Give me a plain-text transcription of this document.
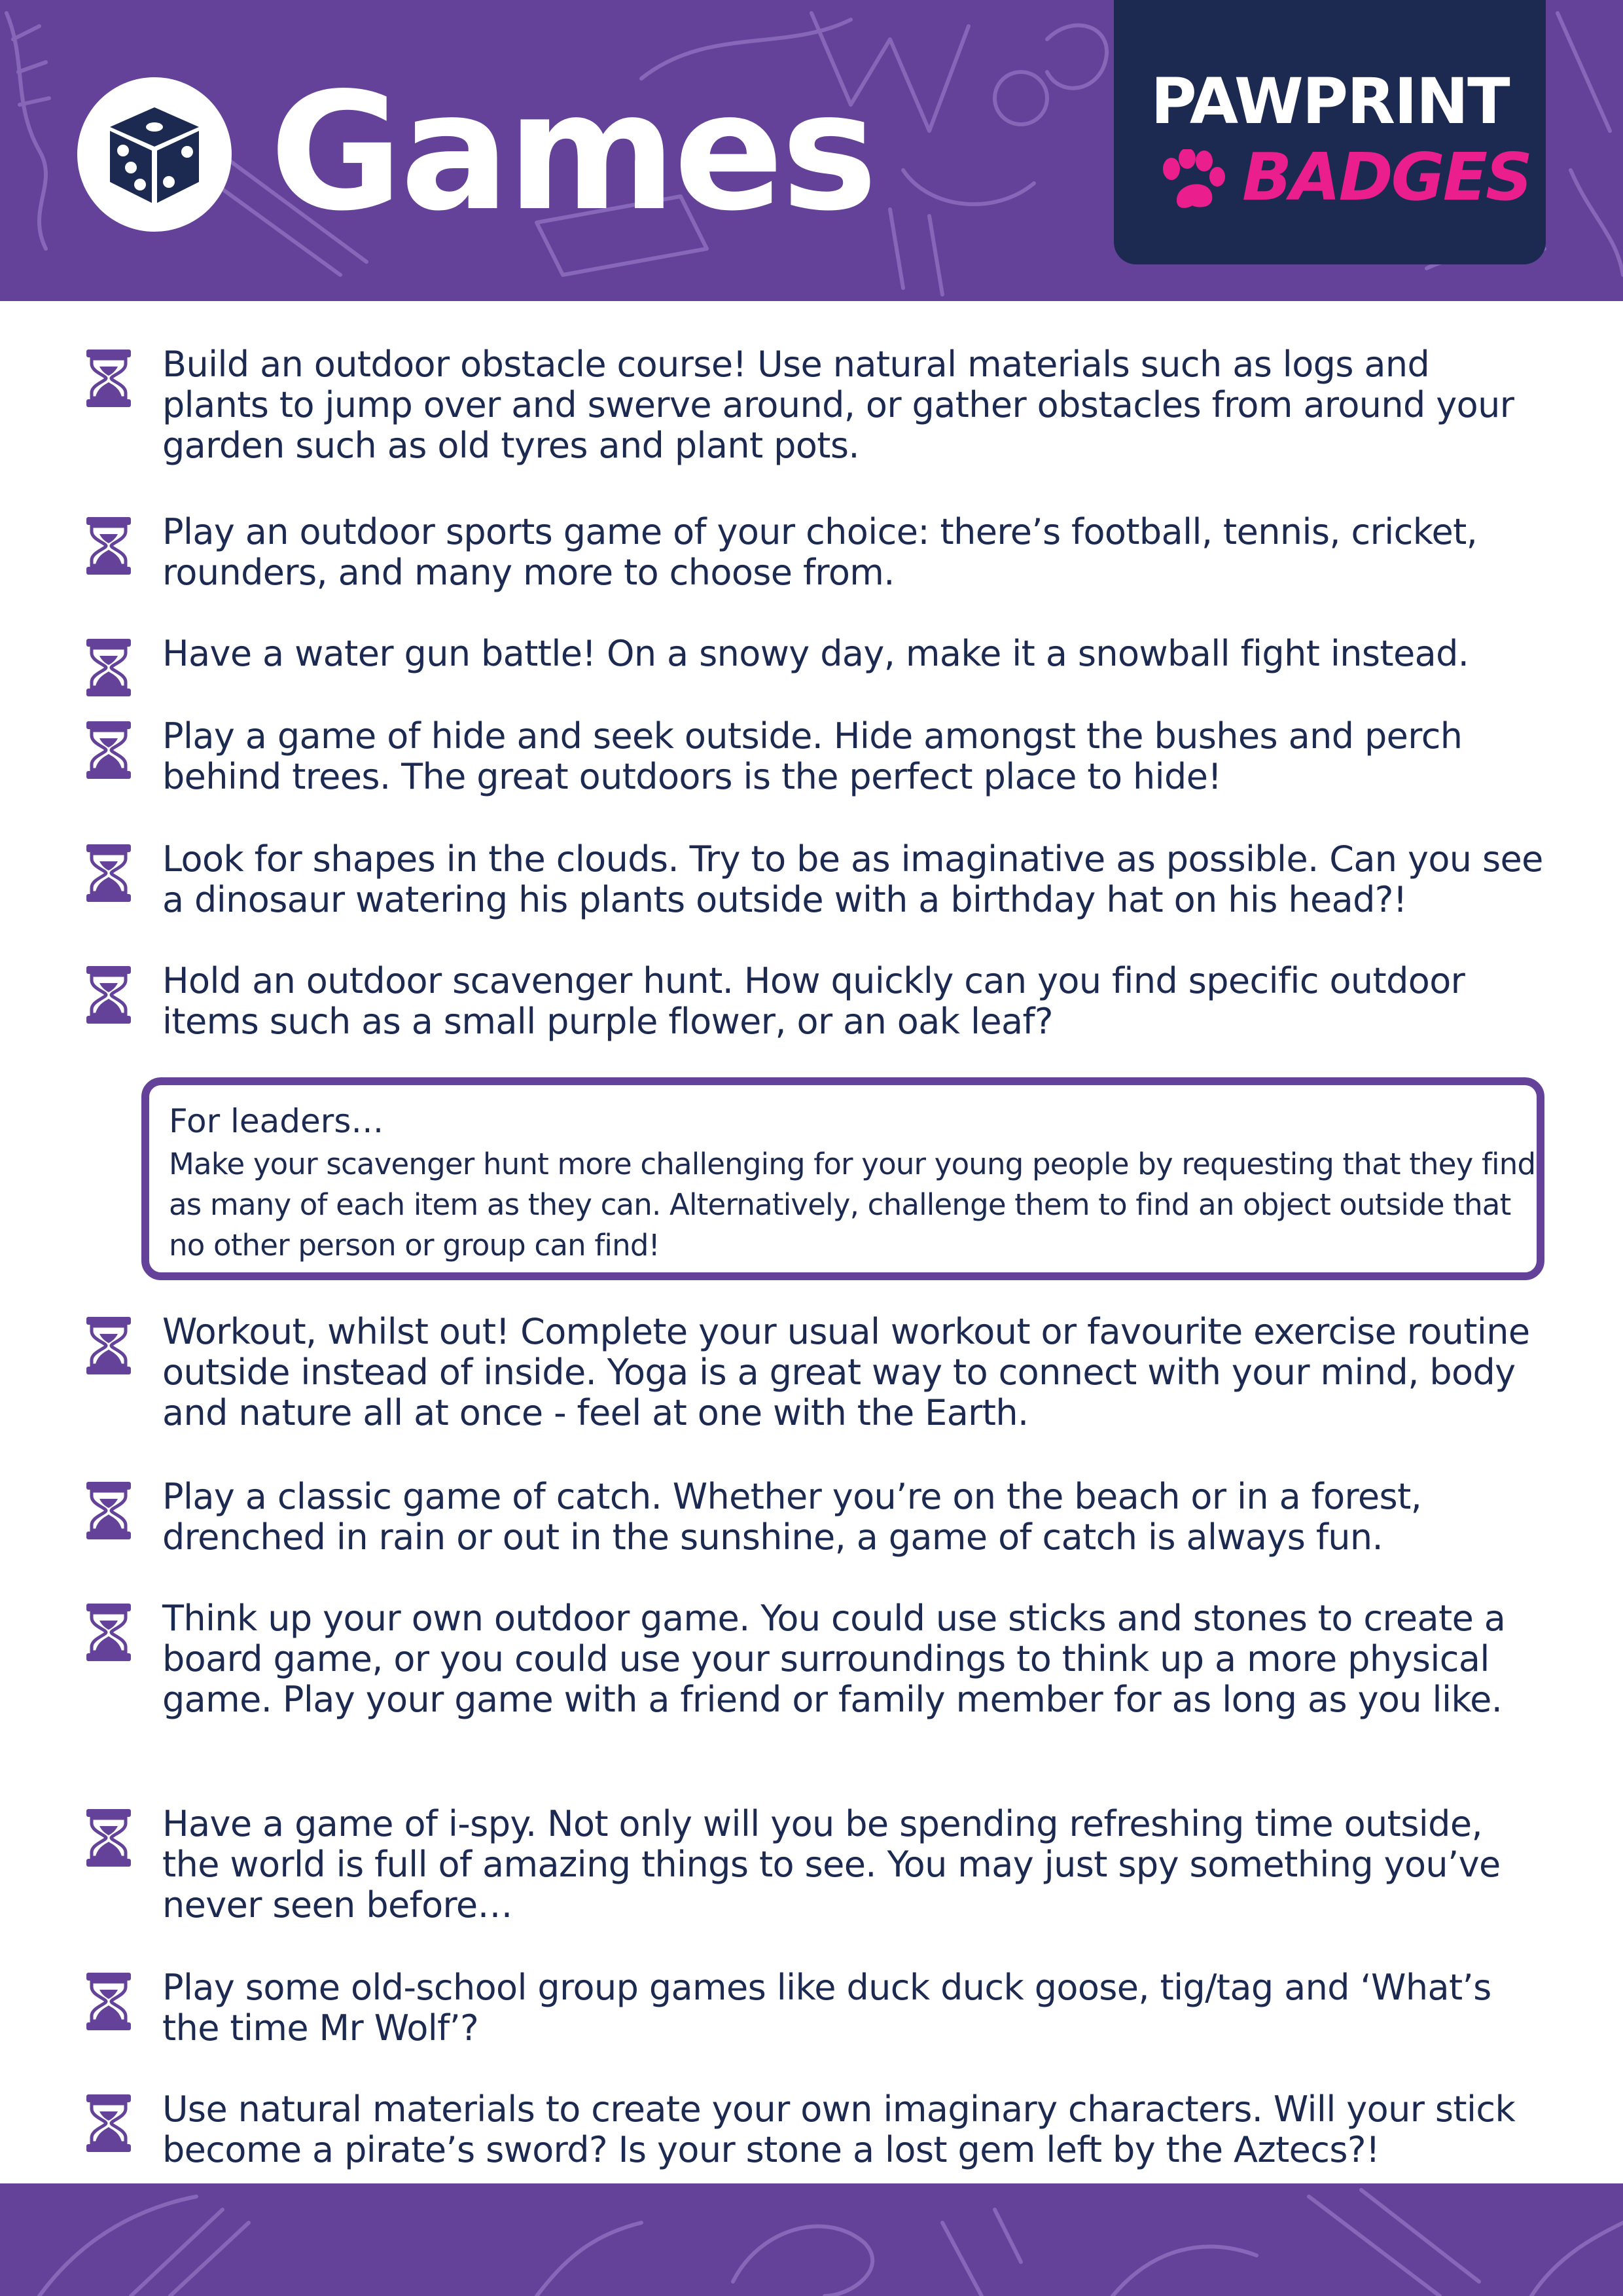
Games	PAWPRINT
BADGES
Build an outdoor obstacle course! Use natural materials such as logs and plants to jump over and swerve around, or gather obstacles from around your garden such as old tyres and plant pots.
Play an outdoor sports game of your choice: there’s football, tennis, cricket, rounders, and many more to choose from.
Have a water gun battle! On a snowy day, make it a snowball fight instead.
Play a game of hide and seek outside. Hide amongst the bushes and perch behind trees. The great outdoors is the perfect place to hide!
Look for shapes in the clouds. Try to be as imaginative as possible. Can you see a dinosaur watering his plants outside with a birthday hat on his head?!
Hold an outdoor scavenger hunt. How quickly can you find specific outdoor items such as a small purple flower, or an oak leaf?
For leaders…
Make your scavenger hunt more challenging for your young people by requesting that they find as many of each item as they can. Alternatively, challenge them to find an object outside that no other person or group can find!
Workout, whilst out! Complete your usual workout or favourite exercise routine outside instead of inside. Yoga is a great way to connect with your mind, body and nature all at once - feel at one with the Earth.
Play a classic game of catch. Whether you’re on the beach or in a forest, drenched in rain or out in the sunshine, a game of catch is always fun.
Think up your own outdoor game. You could use sticks and stones to create a board game, or you could use your surroundings to think up a more physical game. Play your game with a friend or family member for as long as you like.
Have a game of i-spy. Not only will you be spending refreshing time outside, the world is full of amazing things to see. You may just spy something you’ve never seen before…
Play some old-school group games like duck duck goose, tig/tag and ‘What’s the time Mr Wolf’?
Use natural materials to create your own imaginary characters. Will your stick become a pirate’s sword? Is your stone a lost gem left by the Aztecs?!
